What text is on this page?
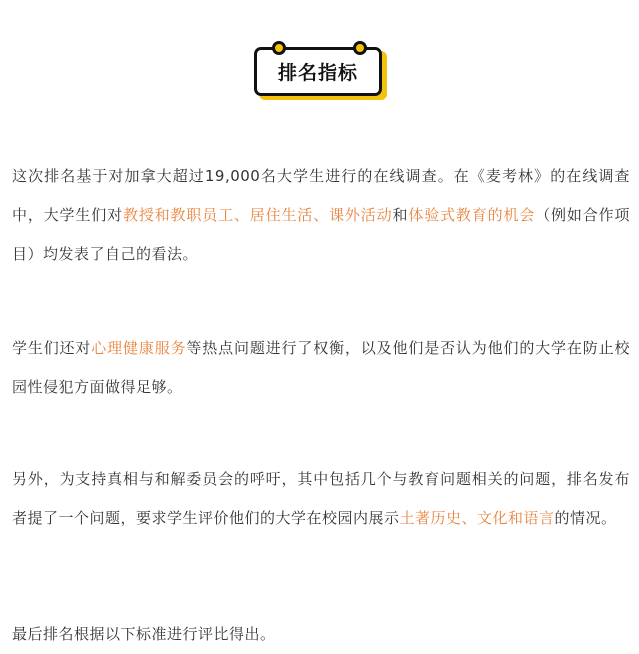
排名指标

这次排名基于对加拿大超过19,000名大学生进行的在线调查。在《麦考林》的在线调查中，大学生们对教授和教职员工、居住生活、课外活动和体验式教育的机会（例如合作项目）均发表了自己的看法。

学生们还对心理健康服务等热点问题进行了权衡，以及他们是否认为他们的大学在防止校园性侵犯方面做得足够。

另外，为支持真相与和解委员会的呼吁，其中包括几个与教育问题相关的问题，排名发布者提了一个问题，要求学生评价他们的大学在校园内展示土著历史、文化和语言的情况。

最后排名根据以下标准进行评比得出。
